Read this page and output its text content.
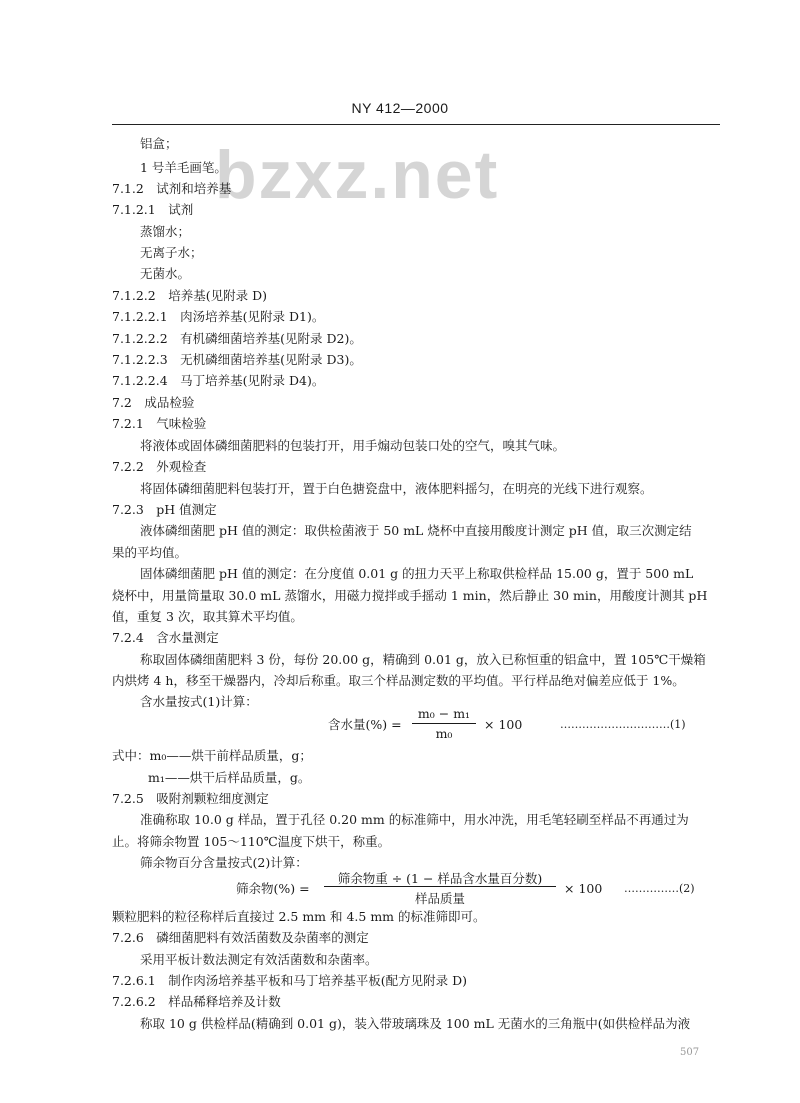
NY 412—2000
bzxz.net
铝盒；
1 号羊毛画笔。
7.1.2　试剂和培养基
7.1.2.1　试剂
蒸馏水；
无离子水；
无菌水。
7.1.2.2　培养基(见附录 D)
7.1.2.2.1　肉汤培养基(见附录 D1)。
7.1.2.2.2　有机磷细菌培养基(见附录 D2)。
7.1.2.2.3　无机磷细菌培养基(见附录 D3)。
7.1.2.2.4　马丁培养基(见附录 D4)。
7.2　成品检验
7.2.1　气味检验
将液体或固体磷细菌肥料的包装打开，用手煽动包装口处的空气，嗅其气味。
7.2.2　外观检查
将固体磷细菌肥料包装打开，置于白色搪瓷盘中，液体肥料摇匀，在明亮的光线下进行观察。
7.2.3　pH 值测定
液体磷细菌肥 pH 值的测定：取供检菌液于 50 mL 烧杯中直接用酸度计测定 pH 值，取三次测定结
果的平均值。
固体磷细菌肥 pH 值的测定：在分度值 0.01 g 的扭力天平上称取供检样品 15.00 g，置于 500 mL
烧杯中，用量筒量取 30.0 mL 蒸馏水，用磁力搅拌或手摇动 1 min，然后静止 30 min，用酸度计测其 pH
值，重复 3 次，取其算术平均值。
7.2.4　含水量测定
称取固体磷细菌肥料 3 份，每份 20.00 g，精确到 0.01 g，放入已称恒重的铝盒中，置 105℃干燥箱
内烘烤 4 h，移至干燥器内，冷却后称重。取三个样品测定数的平均值。平行样品绝对偏差应低于 1%。
含水量按式(1)计算：
含水量(%) =
m₀ − m₁
m₀
× 100	…………………………(1)
式中：m₀——烘干前样品质量，g；
m₁——烘干后样品质量，g。
7.2.5　吸附剂颗粒细度测定
准确称取 10.0 g 样品，置于孔径 0.20 mm 的标准筛中，用水冲洗，用毛笔轻刷至样品不再通过为
止。将筛余物置 105～110℃温度下烘干，称重。
筛余物百分含量按式(2)计算：
筛余物(%) =
筛余物重 ÷ (1 − 样品含水量百分数)
样品质量
× 100 ……………(2)
颗粒肥料的粒径称样后直接过 2.5 mm 和 4.5 mm 的标准筛即可。
7.2.6　磷细菌肥料有效活菌数及杂菌率的测定
采用平板计数法测定有效活菌数和杂菌率。
7.2.6.1　制作肉汤培养基平板和马丁培养基平板(配方见附录 D)
7.2.6.2　样品稀释培养及计数
称取 10 g 供检样品(精确到 0.01 g)，装入带玻璃珠及 100 mL 无菌水的三角瓶中(如供检样品为液
507
